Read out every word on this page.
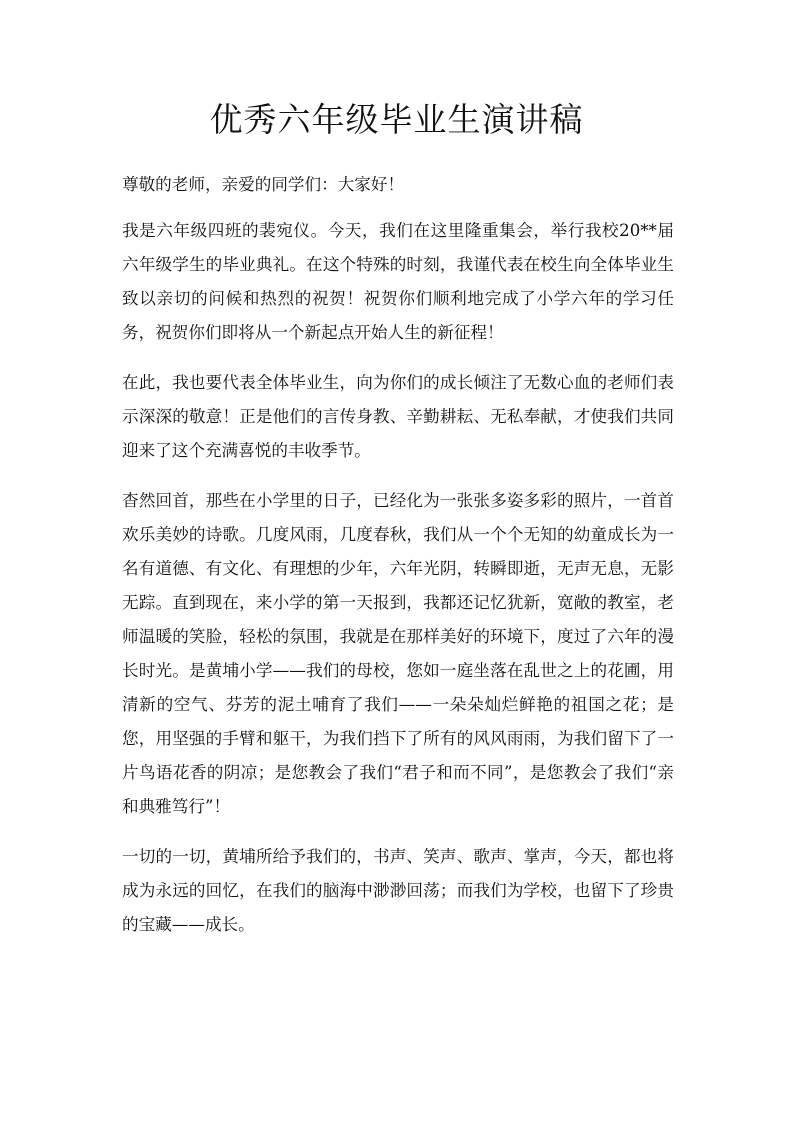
优秀六年级毕业生演讲稿

尊敬的老师，亲爱的同学们：大家好！

我是六年级四班的裴宛仪。今天，我们在这里隆重集会，举行我校20**届六年级学生的毕业典礼。在这个特殊的时刻，我谨代表在校生向全体毕业生致以亲切的问候和热烈的祝贺！祝贺你们顺利地完成了小学六年的学习任务，祝贺你们即将从一个新起点开始人生的新征程！

在此，我也要代表全体毕业生，向为你们的成长倾注了无数心血的老师们表示深深的敬意！正是他们的言传身教、辛勤耕耘、无私奉献，才使我们共同迎来了这个充满喜悦的丰收季节。

杳然回首，那些在小学里的日子，已经化为一张张多姿多彩的照片，一首首欢乐美妙的诗歌。几度风雨，几度春秋，我们从一个个无知的幼童成长为一名有道德、有文化、有理想的少年，六年光阴，转瞬即逝，无声无息，无影无踪。直到现在，来小学的第一天报到，我都还记忆犹新，宽敞的教室，老师温暖的笑脸，轻松的氛围，我就是在那样美好的环境下，度过了六年的漫长时光。是黄埔小学——我们的母校，您如一庭坐落在乱世之上的花圃，用清新的空气、芬芳的泥土哺育了我们——一朵朵灿烂鲜艳的祖国之花；是您，用坚强的手臂和躯干，为我们挡下了所有的风风雨雨，为我们留下了一片鸟语花香的阴凉；是您教会了我们“君子和而不同”，是您教会了我们“亲和典雅笃行”！

一切的一切，黄埔所给予我们的，书声、笑声、歌声、掌声，今天，都也将成为永远的回忆，在我们的脑海中渺渺回荡；而我们为学校，也留下了珍贵的宝藏——成长。
